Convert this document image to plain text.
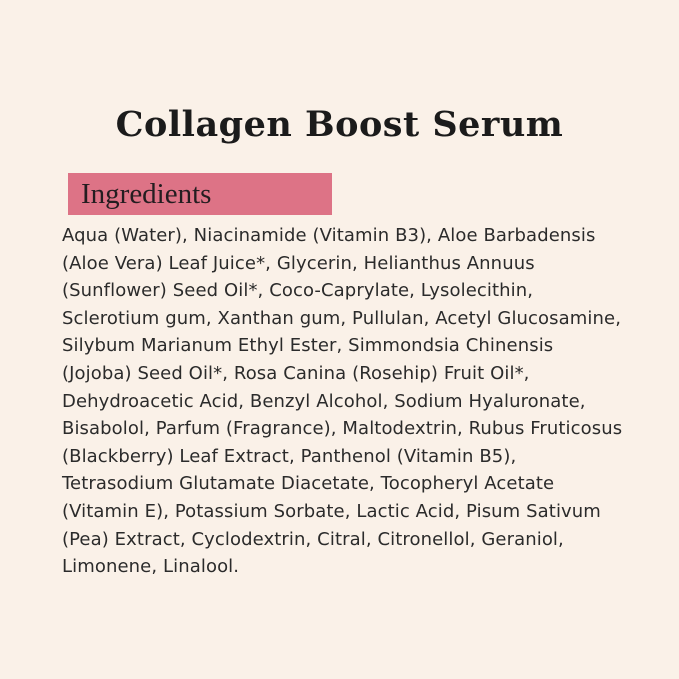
Collagen Boost Serum
Ingredients

Aqua (Water), Niacinamide (Vitamin B3), Aloe Barbadensis (Aloe Vera) Leaf Juice*, Glycerin, Helianthus Annuus (Sunflower) Seed Oil*, Coco-Caprylate, Lysolecithin, Sclerotium gum, Xanthan gum, Pullulan, Acetyl Glucosamine, Silybum Marianum Ethyl Ester, Simmondsia Chinensis (Jojoba) Seed Oil*, Rosa Canina (Rosehip) Fruit Oil*, Dehydroacetic Acid, Benzyl Alcohol, Sodium Hyaluronate, Bisabolol, Parfum (Fragrance), Maltodextrin, Rubus Fruticosus (Blackberry) Leaf Extract, Panthenol (Vitamin B5), Tetrasodium Glutamate Diacetate, Tocopheryl Acetate (Vitamin E), Potassium Sorbate, Lactic Acid, Pisum Sativum (Pea) Extract, Cyclodextrin, Citral, Citronellol, Geraniol, Limonene, Linalool.
